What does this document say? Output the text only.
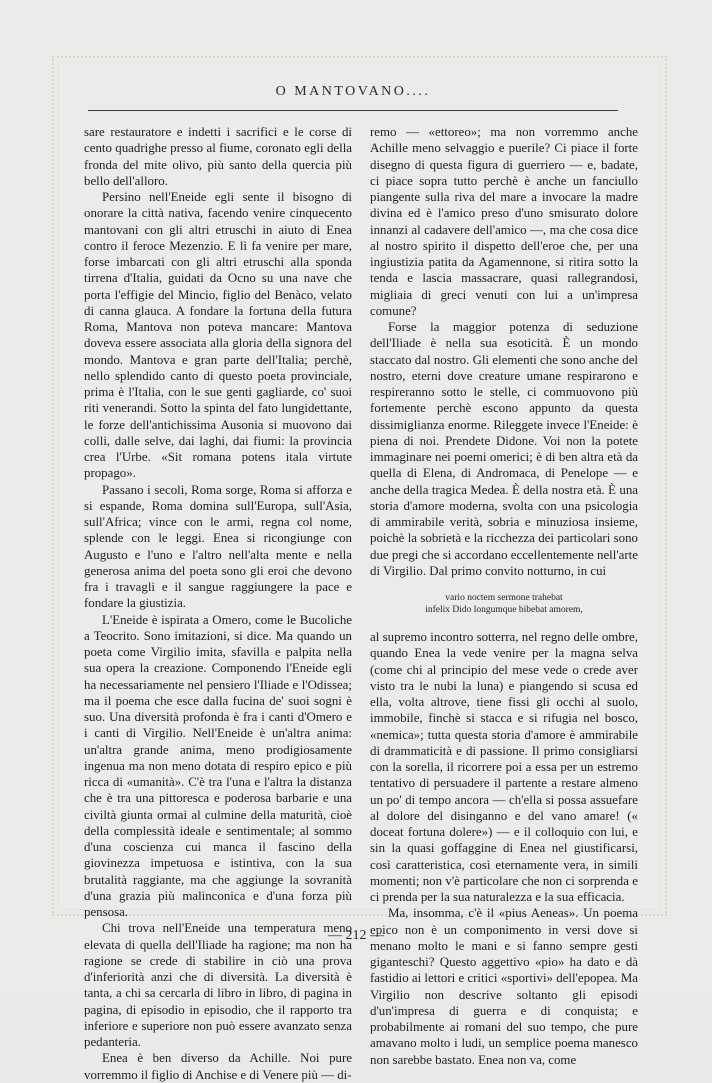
O MANTOVANO....

sare restauratore e indetti i sacrifici e le corse di cento quadrighe presso al fiume, coronato egli della fronda del mite olivo, più santo della quercia più bello dell'alloro.

Persino nell'Eneide egli sente il bisogno di onorare la città nativa, facendo venire cinquecento mantovani con gli altri etruschi in aiuto di Enea contro il feroce Mezenzio. E lì fa venire per mare, forse imbarcati con gli altri etruschi alla sponda tirrena d'Italia, guidati da Ocno su una nave che porta l'effigie del Mincio, figlio del Benàco, velato di canna glauca. A fondare la fortuna della futura Roma, Mantova non poteva mancare: Mantova doveva essere associata alla gloria della signora del mondo. Mantova e gran parte dell'Italia; perchè, nello splendido canto di questo poeta provinciale, prima è l'Italia, con le sue genti gagliarde, co' suoi riti venerandi. Sotto la spinta del fato lungidettante, le forze dell'antichissima Ausonia si muovono dai colli, dalle selve, dai laghi, dai fiumi: la provincia crea l'Urbe. «Sit romana potens itala virtute propago».

Passano i secoli, Roma sorge, Roma si afforza e si espande, Roma domina sull'Europa, sull'Asia, sull'Africa; vince con le armi, regna col nome, splende con le leggi. Enea si ricongiunge con Augusto e l'uno e l'altro nell'alta mente e nella generosa anima del poeta sono gli eroi che devono fra i travagli e il sangue raggiungere la pace e fondare la giustizia.

L'Eneide è ispirata a Omero, come le Bucoliche a Teocrito. Sono imitazioni, si dice. Ma quando un poeta come Virgilio imita, sfavilla e palpita nella sua opera la creazione. Componendo l'Eneide egli ha necessariamente nel pensiero l'Iliade e l'Odissea; ma il poema che esce dalla fucina de' suoi sogni è suo. Una diversità profonda è fra i canti d'Omero e i canti di Virgilio. Nell'Eneide è un'altra anima: un'altra grande anima, meno prodigiosamente ingenua ma non meno dotata di respiro epico e più ricca di «umanità». C'è tra l'una e l'altra la distanza che è tra una pittoresca e poderosa barbarie e una civiltà giunta ormai al culmine della maturità, cioè della complessità ideale e sentimentale; al sommo d'una coscienza cui manca il fascino della giovinezza impetuosa e istintiva, con la sua brutalità raggiante, ma che aggiunge la sovranità d'una grazia più malinconica e d'una forza più pensosa.

Chi trova nell'Eneide una temperatura meno elevata di quella dell'Iliade ha ragione; ma non ha ragione se crede di stabilire in ciò una prova d'inferiorità anzi che di diversità. La diversità è tanta, a chi sa cercarla di libro in libro, di pagina in pagina, di episodio in episodio, che il rapporto tra inferiore e superiore non può essere avanzato senza pedanteria.

Enea è ben diverso da Achille. Noi pure vorremmo il figlio di Anchise e di Venere più — di-

remo — «ettoreo»; ma non vorremmo anche Achille meno selvaggio e puerile? Ci piace il forte disegno di questa figura di guerriero — e, badate, ci piace sopra tutto perchè è anche un fanciullo piangente sulla riva del mare a invocare la madre divina ed è l'amico preso d'uno smisurato dolore innanzi al cadavere dell'amico —, ma che cosa dice al nostro spirito il dispetto dell'eroe che, per una ingiustizia patita da Agamennone, si ritira sotto la tenda e lascia massacrare, quasi rallegrandosi, migliaia di greci venuti con lui a un'impresa comune?

Forse la maggior potenza di seduzione dell'Iliade è nella sua esoticità. È un mondo staccato dal nostro. Gli elementi che sono anche del nostro, eterni dove creature umane respirarono e respireranno sotto le stelle, ci commuovono più fortemente perchè escono appunto da questa dissimiglianza enorme. Rileggete invece l'Eneide: è piena di noi. Prendete Didone. Voi non la potete immaginare nei poemi omerici; è di ben altra età da quella di Elena, di Andromaca, di Penelope — e anche della tragica Medea. È della nostra età. È una storia d'amore moderna, svolta con una psicologia di ammirabile verità, sobria e minuziosa insieme, poichè la sobrietà e la ricchezza dei particolari sono due pregi che si accordano eccellentemente nell'arte di Virgilio. Dal primo convito notturno, in cui

vario noctem sermone trahebat
infelix Dido longumque bibebat amorem,

al supremo incontro sotterra, nel regno delle ombre, quando Enea la vede venire per la magna selva (come chi al principio del mese vede o crede aver visto tra le nubi la luna) e piangendo si scusa ed ella, volta altrove, tiene fissi gli occhi al suolo, immobile, finchè si stacca e si rifugia nel bosco, «nemica»; tutta questa storia d'amore è ammirabile di drammaticità e di passione. Il primo consigliarsi con la sorella, il ricorrere poi a essa per un estremo tentativo di persuadere il partente a restare almeno un po' di tempo ancora — ch'ella si possa assuefare al dolore del disinganno e del vano amare! (« doceat fortuna dolere») — e il colloquio con lui, e sin la quasi goffaggine di Enea nel giustificarsi, così caratteristica, così eternamente vera, in simili momenti; non v'è particolare che non ci sorprenda e ci prenda per la sua naturalezza e la sua efficacia.

Ma, insomma, c'è il «pius Aeneas». Un poema epico non è un componimento in versi dove si menano molto le mani e si fanno sempre gesti giganteschi? Questo aggettivo «pio» ha dato e dà fastidio ai lettori e critici «sportivi» dell'epopea. Ma Virgilio non descrive soltanto gli episodi d'un'impresa di guerra e di conquista; e probabilmente ai romani del suo tempo, che pure amavano molto i ludi, un semplice poema manesco non sarebbe bastato. Enea non va, come

— 212 —
